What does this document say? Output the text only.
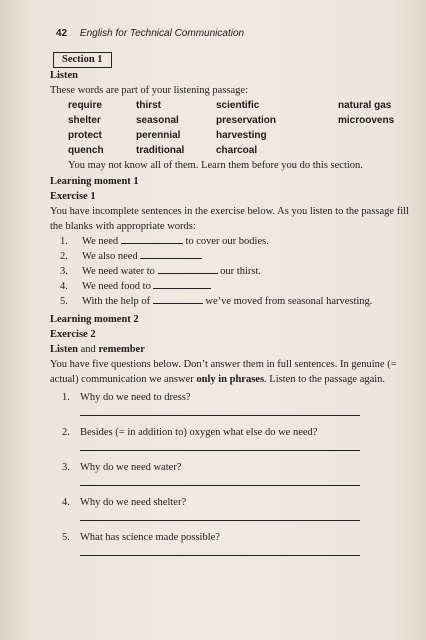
42 English for Technical Communication
Section 1
Listen
These words are part of your listening passage:
require	thirst	scientific	natural gas
shelter	seasonal	preservation	microovens
protect	perennial	harvesting
quench	traditional	charcoal
You may not know all of them. Learn them before you do this section.
Learning moment 1
Exercise 1
You have incomplete sentences in the exercise below. As you listen to the passage fill the blanks with appropriate words:
1.	We need	to cover our bodies.
2.	We also need
3.	We need water to	our thirst.
4.	We need food to
5.	With the help of	we’ve moved from seasonal harvesting.
Learning moment 2
Exercise 2
Listen and remember
You have five questions below. Don’t answer them in full sentences. In genuine (= actual) communication we answer only in phrases. Listen to the passage again.
1. Why do we need to dress?
2. Besides (= in addition to) oxygen what else do we need?
3. Why do we need water?
4. Why do we need shelter?
5. What has science made possible?
